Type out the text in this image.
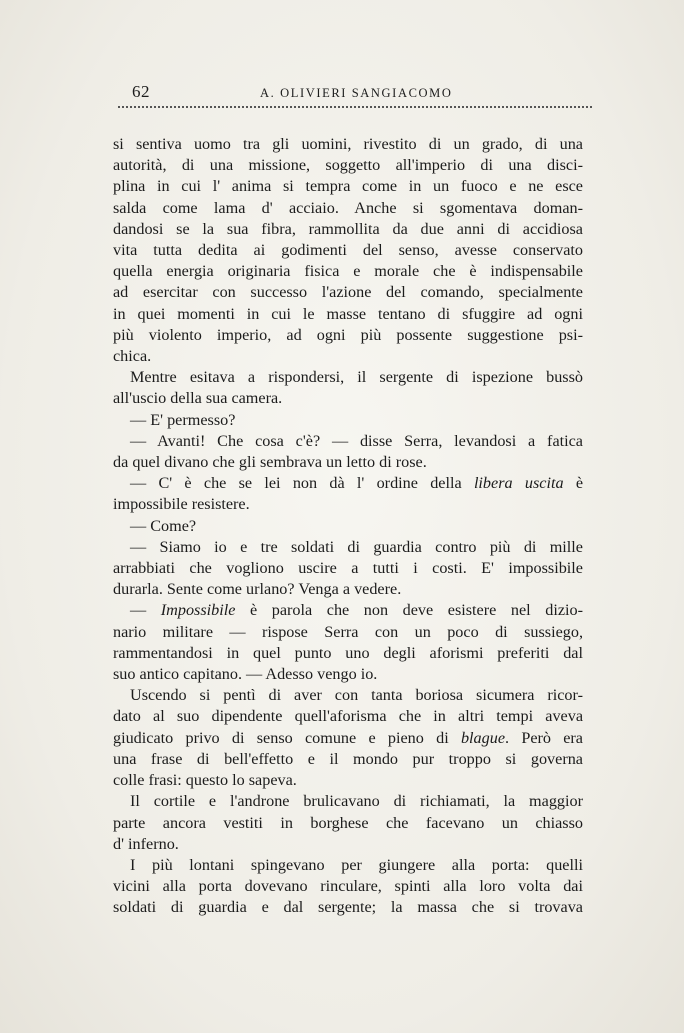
62	A. OLIVIERI SANGIACOMO
si sentiva uomo tra gli uomini, rivestito di un grado, di una
autorità, di una missione, soggetto all'imperio di una disci-
plina in cui l' anima si tempra come in un fuoco e ne esce
salda come lama d' acciaio. Anche si sgomentava doman-
dandosi se la sua fibra, rammollita da due anni di accidiosa
vita tutta dedita ai godimenti del senso, avesse conservato
quella energia originaria fisica e morale che è indispensabile
ad esercitar con successo l'azione del comando, specialmente
in quei momenti in cui le masse tentano di sfuggire ad ogni
più violento imperio, ad ogni più possente suggestione psi-
chica.
Mentre esitava a rispondersi, il sergente di ispezione bussò
all'uscio della sua camera.
— E' permesso?
— Avanti! Che cosa c'è? — disse Serra, levandosi a fatica
da quel divano che gli sembrava un letto di rose.
— C' è che se lei non dà l' ordine della libera uscita è
impossibile resistere.
— Come?
— Siamo io e tre soldati di guardia contro più di mille
arrabbiati che vogliono uscire a tutti i costi. E' impossibile
durarla. Sente come urlano? Venga a vedere.
— Impossibile è parola che non deve esistere nel dizio-
nario militare — rispose Serra con un poco di sussiego,
rammentandosi in quel punto uno degli aforismi preferiti dal
suo antico capitano. — Adesso vengo io.
Uscendo si pentì di aver con tanta boriosa sicumera ricor-
dato al suo dipendente quell'aforisma che in altri tempi aveva
giudicato privo di senso comune e pieno di blague. Però era
una frase di bell'effetto e il mondo pur troppo si governa
colle frasi: questo lo sapeva.
Il cortile e l'androne brulicavano di richiamati, la maggior
parte ancora vestiti in borghese che facevano un chiasso
d' inferno.
I più lontani spingevano per giungere alla porta: quelli
vicini alla porta dovevano rinculare, spinti alla loro volta dai
soldati di guardia e dal sergente; la massa che si trovava
